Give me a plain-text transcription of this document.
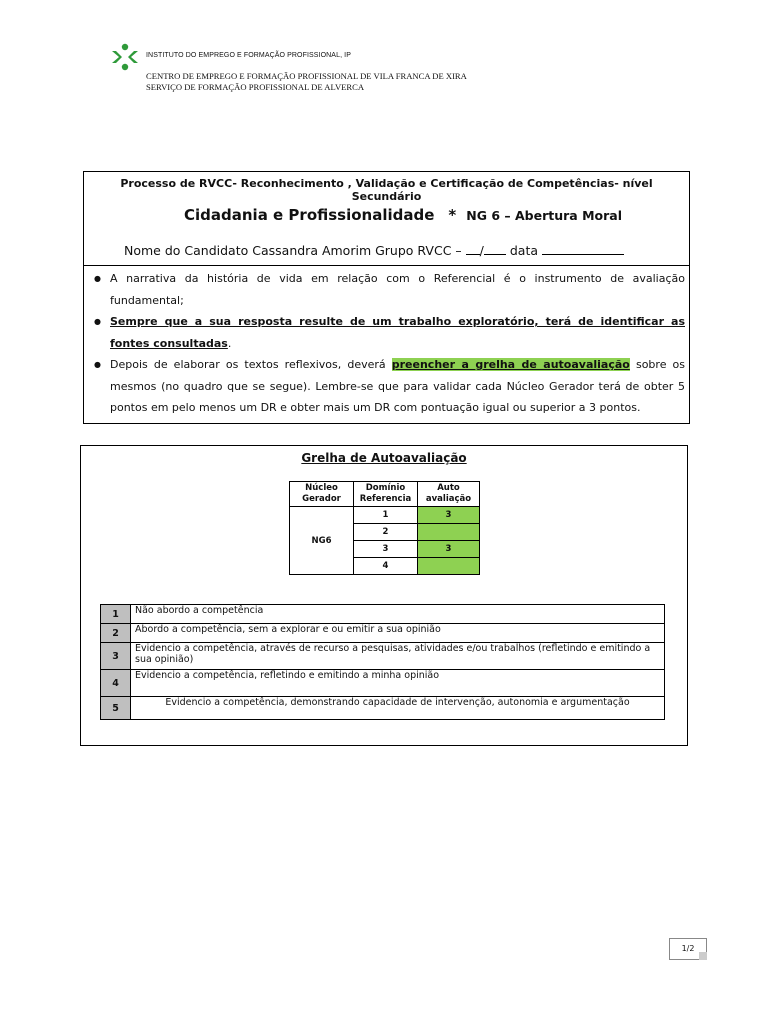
INSTITUTO DO EMPREGO E FORMAÇÃO PROFISSIONAL, IP
CENTRO DE EMPREGO E FORMAÇÃO PROFISSIONAL DE VILA FRANCA DE XIRA
SERVIÇO DE FORMAÇÃO PROFISSIONAL DE ALVERCA
Processo de RVCC- Reconhecimento , Validação e Certificação de Competências- nível Secundário
Cidadania e Profissionalidade * NG 6 – Abertura Moral
Nome do Candidato Cassandra Amorim Grupo RVCC – / data
● A narrativa da história de vida em relação com o Referencial é o instrumento de avaliação fundamental;
● Sempre que a sua resposta resulte de um trabalho exploratório, terá de identificar as fontes consultadas.
● Depois de elaborar os textos reflexivos, deverá preencher a grelha de autoavaliação sobre os mesmos (no quadro que se segue). Lembre-se que para validar cada Núcleo Gerador terá de obter 5 pontos em pelo menos um DR e obter mais um DR com pontuação igual ou superior a 3 pontos.
Grelha de Autoavaliação
Núcleo Gerador	Domínio Referencia	Auto avaliação
NG6	1	3
	2	
	3	3
	4	
1	Não abordo a competência
2	Abordo a competência, sem a explorar e ou emitir a sua opinião
3	Evidencio a competência, através de recurso a pesquisas, atividades e/ou trabalhos (refletindo e emitindo a sua opinião)
4	Evidencio a competência, refletindo e emitindo a minha opinião
5	Evidencio a competência, demonstrando capacidade de intervenção, autonomia e argumentação
1/2
